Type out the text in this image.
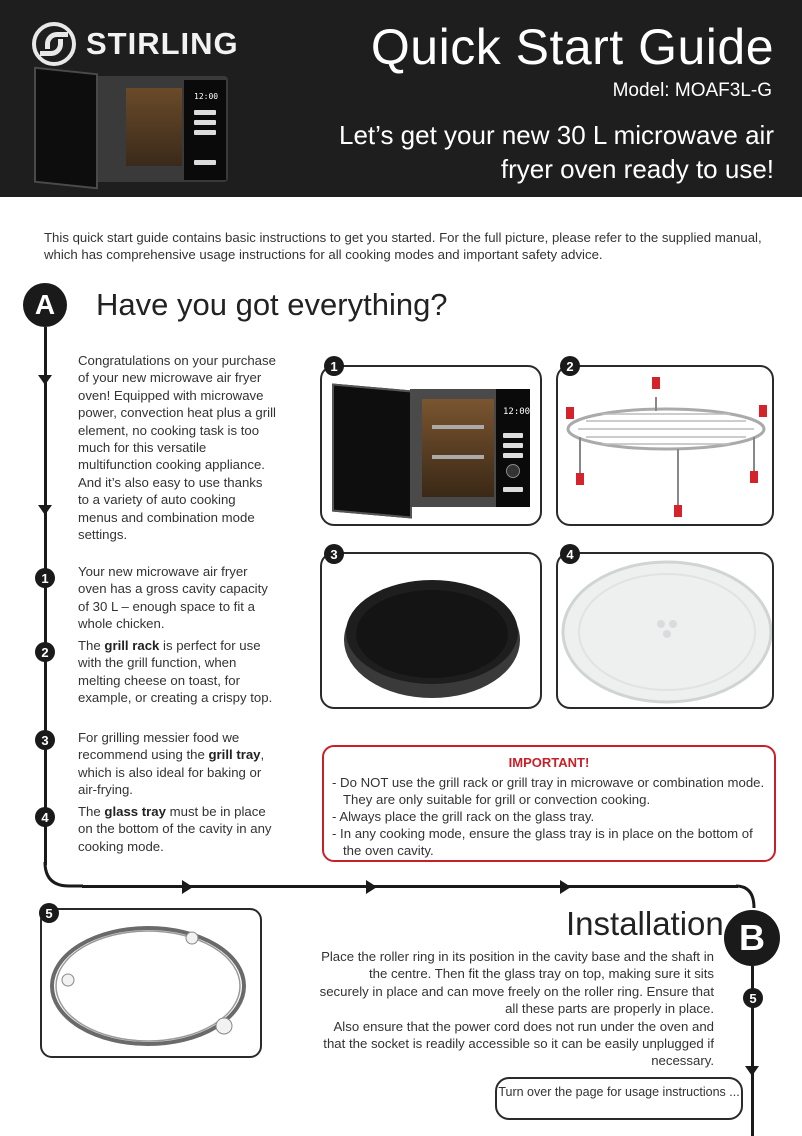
STIRLING
12:00
Quick Start Guide
Model: MOAF3L-G
Let’s get your new 30 L microwave air fryer oven ready to use!
This quick start guide contains basic instructions to get you started. For the full picture, please refer to the supplied manual, which has comprehensive usage instructions for all cooking modes and important safety advice.
A	Have you got everything?
Congratulations on your purchase of your new microwave air fryer oven! Equipped with microwave power, convection heat plus a grill element, no cooking task is too much for this versatile multifunction cooking appliance. And it’s also easy to use thanks to a variety of auto cooking menus and combination mode settings.
1	Your new microwave air fryer oven has a gross cavity capacity of 30 L – enough space to fit a whole chicken.
2	The grill rack is perfect for use with the grill function, when melting cheese on toast, for example, or creating a crispy top.
3	For grilling messier food we recommend using the grill tray, which is also ideal for baking or air-frying.
4	The glass tray must be in place on the bottom of the cavity in any cooking mode.
12:00
1	2
3	4
IMPORTANT!
- Do NOT use the grill rack or grill tray in microwave or combination mode. They are only suitable for grill or convection cooking.
- Always place the grill rack on the glass tray.
- In any cooking mode, ensure the glass tray is in place on the bottom of the oven cavity.
5	Installation B
5
Place the roller ring in its position in the cavity base and the shaft in the centre. Then fit the glass tray on top, making sure it sits securely in place and can move freely on the roller ring. Ensure that all these parts are properly in place.
Also ensure that the power cord does not run under the oven and that the socket is readily accessible so it can be easily unplugged if necessary.
Turn over the page for usage instructions ...
